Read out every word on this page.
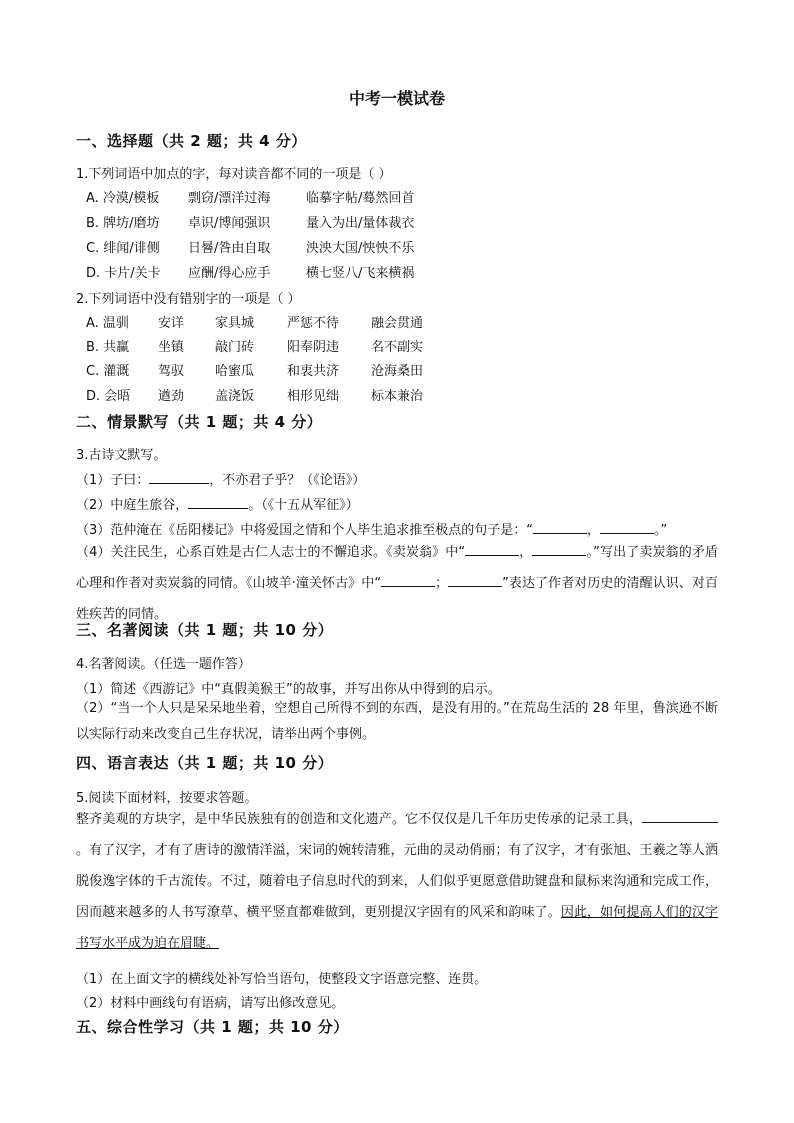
中考一模试卷
一、选择题（共 2 题；共 4 分）
1.下列词语中加点的字，每对读音都不同的一项是（ ）
A. 冷漠/模板 剽窃/漂洋过海	临摹字帖/蓦然回首
B. 牌坊/磨坊 卓识/博闻强识	量入为出/量体裁衣
C. 绯闻/诽侧 日晷/咎由自取	泱泱大国/怏怏不乐
D. 卡片/关卡 应酬/得心应手	横七竖八/飞来横祸
2.下列词语中没有错别字的一项是（ ）
A. 温驯 安详 家具城	严惩不待 融会贯通
B. 共赢 坐镇 敲门砖	阳奉阴违 名不副实
C. 灌溉 驾驭 哈蜜瓜	和衷共济 沧海桑田
D. 会晤 遒劲 盖浇饭	相形见绌 标本兼治
二、情景默写（共 1 题；共 4 分）
3.古诗文默写。
（1）子曰：	，不亦君子乎？（《论语》）
（2）中庭生旅谷，	。（《十五从军征》）
（3）范仲淹在《岳阳楼记》中将爱国之情和个人毕生追求推至极点的句子是：“	，	。”
（4）关注民生，心系百姓是古仁人志士的不懈追求。《卖炭翁》中“	，	。”写出了卖炭翁的矛盾心理和作者对卖炭翁的同情。《山坡羊·潼关怀古》中“	；	”表达了作者对历史的清醒认识、对百姓疾苦的同情。
三、名著阅读（共 1 题；共 10 分）
4.名著阅读。（任选一题作答）
（1）简述《西游记》中“真假美猴王”的故事，并写出你从中得到的启示。
（2）“当一个人只是呆呆地坐着，空想自己所得不到的东西，是没有用的。”在荒岛生活的 28 年里，鲁滨逊不断以实际行动来改变自己生存状况，请举出两个事例。
四、语言表达（共 1 题；共 10 分）
5.阅读下面材料，按要求答题。
整齐美观的方块字，是中华民族独有的创造和文化遗产。它不仅仅是几千年历史传承的记录工具，。有了汉字，才有了唐诗的激情洋溢，宋词的婉转清雅，元曲的灵动俏丽；有了汉字，才有张旭、王羲之等人洒脱俊逸字体的千古流传。不过，随着电子信息时代的到来，人们似乎更愿意借助键盘和鼠标来沟通和完成工作，因而越来越多的人书写潦草、横平竖直都难做到，更别提汉字固有的风采和韵味了。因此，如何提高人们的汉字书写水平成为迫在眉睫。
（1）在上面文字的横线处补写恰当语句，使整段文字语意完整、连贯。
（2）材料中画线句有语病，请写出修改意见。
五、综合性学习（共 1 题；共 10 分）
